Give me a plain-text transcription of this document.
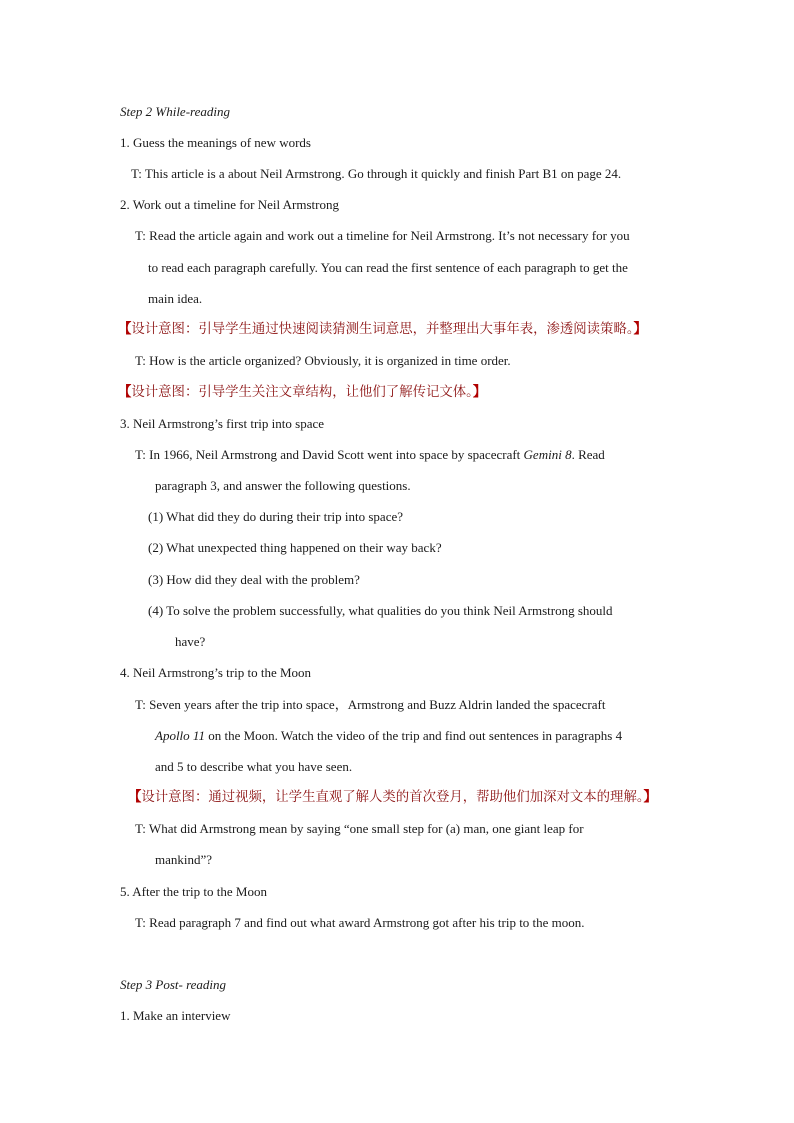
Step 2 While-reading
1. Guess the meanings of new words
T: This article is a about Neil Armstrong. Go through it quickly and finish Part B1 on page 24.
2. Work out a timeline for Neil Armstrong
T: Read the article again and work out a timeline for Neil Armstrong. It’s not necessary for you
to read each paragraph carefully. You can read the first sentence of each paragraph to get the
main idea.
【设计意图：引导学生通过快速阅读猜测生词意思，并整理出大事年表，渗透阅读策略。】
T: How is the article organized? Obviously, it is organized in time order.
【设计意图：引导学生关注文章结构，让他们了解传记文体。】
3. Neil Armstrong’s first trip into space
T: In 1966, Neil Armstrong and David Scott went into space by spacecraft Gemini 8. Read
paragraph 3, and answer the following questions.
(1) What did they do during their trip into space?
(2) What unexpected thing happened on their way back?
(3) How did they deal with the problem?
(4) To solve the problem successfully, what qualities do you think Neil Armstrong should
have?
4. Neil Armstrong’s trip to the Moon
T: Seven years after the trip into space，Armstrong and Buzz Aldrin landed the spacecraft
Apollo 11 on the Moon. Watch the video of the trip and find out sentences in paragraphs 4
and 5 to describe what you have seen.
【设计意图：通过视频，让学生直观了解人类的首次登月，帮助他们加深对文本的理解。】
T: What did Armstrong mean by saying “one small step for (a) man, one giant leap for
mankind”?
5. After the trip to the Moon
T: Read paragraph 7 and find out what award Armstrong got after his trip to the moon.
Step 3 Post- reading
1. Make an interview
